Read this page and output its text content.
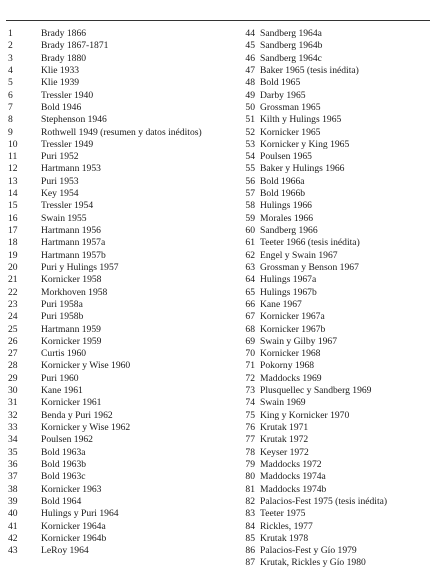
1	Brady 1866
2	Brady 1867-1871
3	Brady 1880
4	Klie 1933
5	Klie 1939
6	Tressler 1940
7	Bold 1946
8	Stephenson 1946
9	Rothwell 1949 (resumen y datos inéditos)
10	Tressler 1949
11	Puri 1952
12	Hartmann 1953
13	Puri 1953
14	Key 1954
15	Tressler 1954
16	Swain 1955
17	Hartmann 1956
18	Hartmann 1957a
19	Hartmann 1957b
20	Puri y Hulings 1957
21	Kornicker 1958
22	Morkhoven 1958
23	Puri 1958a
24	Puri 1958b
25	Hartmann 1959
26	Kornicker 1959
27	Curtis 1960
28	Kornicker y Wise 1960
29	Puri 1960
30	Kane 1961
31	Kornicker 1961
32	Benda y Puri 1962
33	Kornicker y Wise 1962
34	Poulsen 1962
35	Bold 1963a
36	Bold 1963b
37	Bold 1963c
38	Kornicker 1963
39	Bold 1964
40	Hulings y Puri 1964
41	Kornicker 1964a
42	Kornicker 1964b
43	LeRoy 1964
44 Sandberg 1964a
45 Sandberg 1964b
46 Sandberg 1964c
47 Baker 1965 (tesis inédita)
48 Bold 1965
49 Darby 1965
50 Grossman 1965
51 Kilth y Hulings 1965
52 Kornicker 1965
53 Kornicker y King 1965
54 Poulsen 1965
55 Baker y Hulings 1966
56 Bold 1966a
57 Bold 1966b
58 Hulings 1966
59 Morales 1966
60 Sandberg 1966
61 Teeter 1966 (tesis inédita)
62 Engel y Swain 1967
63 Grossman y Benson 1967
64 Hulings 1967a
65 Hulings 1967b
66 Kane 1967
67 Kornicker 1967a
68 Kornicker 1967b
69 Swain y Gilby 1967
70 Kornicker 1968
71 Pokorny 1968
72 Maddocks 1969
73 Plusquellec y Sandberg 1969
74 Swain 1969
75 King y Kornicker 1970
76 Krutak 1971
77 Krutak 1972
78 Keyser 1972
79 Maddocks 1972
80 Maddocks 1974a
81 Maddocks 1974b
82 Palacios-Fest 1975 (tesis inédita)
83 Teeter 1975
84 Rickles, 1977
85 Krutak 1978
86 Palacios-Fest y Gío 1979
87 Krutak, Rickles y Gío 1980
